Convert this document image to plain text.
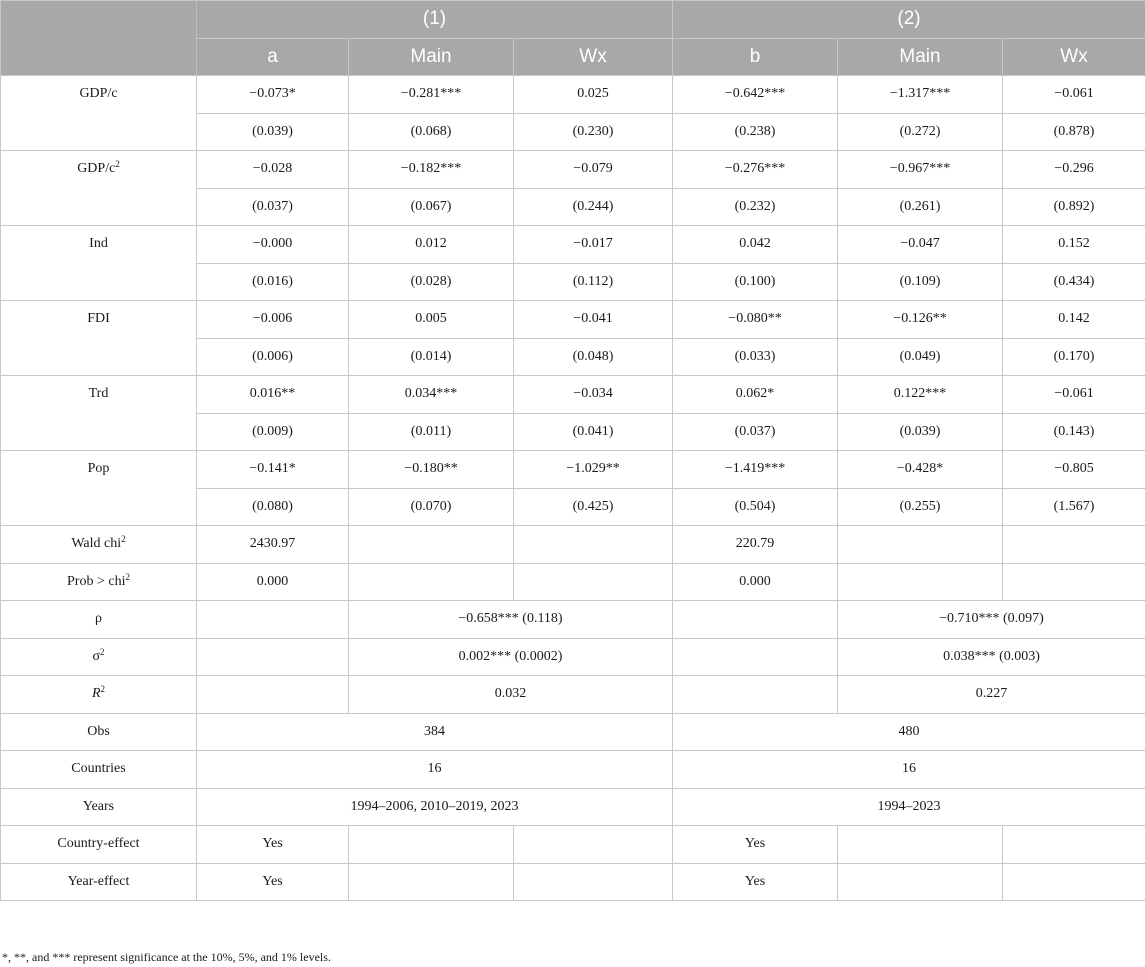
	(1)			(2)		
	a	Main	Wx	b	Main	Wx
GDP/c	−0.073*	−0.281***	0.025	−0.642***	−1.317***	−0.061
	(0.039)	(0.068)	(0.230)	(0.238)	(0.272)	(0.878)
GDP/$c^2$	−0.028	−0.182***	−0.079	−0.276***	−0.967***	−0.296
	(0.037)	(0.067)	(0.244)	(0.232)	(0.261)	(0.892)
Ind	−0.000	0.012	−0.017	0.042	−0.047	0.152
	(0.016)	(0.028)	(0.112)	(0.100)	(0.109)	(0.434)
FDI	−0.006	0.005	−0.041	−0.080**	−0.126**	0.142
	(0.006)	(0.014)	(0.048)	(0.033)	(0.049)	(0.170)
Trd	0.016**	0.034***	−0.034	0.062*	0.122***	−0.061
	(0.009)	(0.011)	(0.041)	(0.037)	(0.039)	(0.143)
Pop	−0.141*	−0.180**	−1.029**	−1.419***	−0.428*	−0.805
	(0.080)	(0.070)	(0.425)	(0.504)	(0.255)	(1.567)
Wald chi$^2$	2430.97			220.79		
Prob > chi$^2$	0.000			0.000		
ρ		−0.658*** (0.118)			−0.710*** (0.097)	
$\sigma^2$		0.002*** (0.0002)			0.038*** (0.003)	
$R^2$		0.032			0.227	
Obs	384			480		
Countries	16			16		
Years	1994–2006, 2010–2019, 2023			1994–2023		
Country-effect	Yes			Yes		
Year-effect	Yes			Yes		
*, **, and *** represent significance at the 10%, 5%, and 1% levels.
